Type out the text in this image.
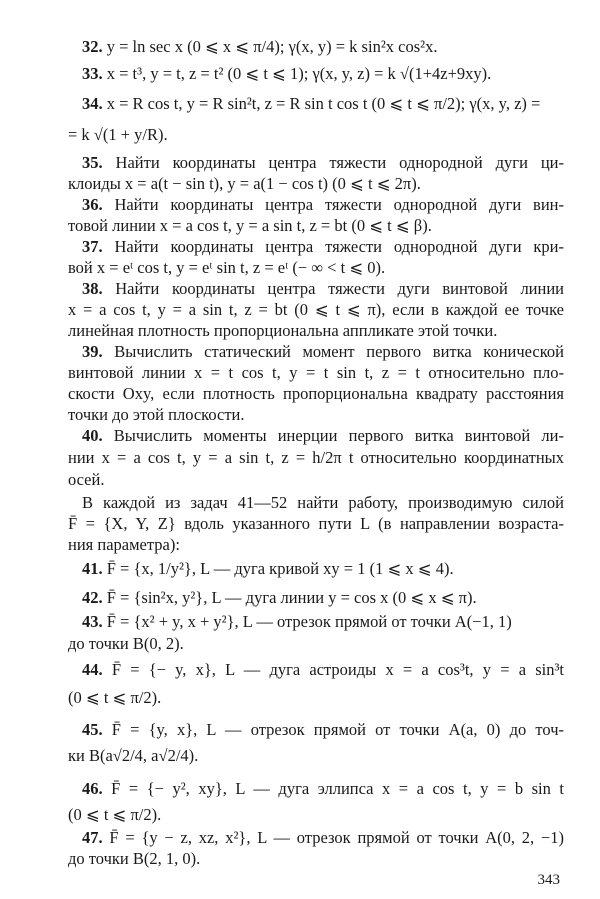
32. y = ln sec x (0 ⩽ x ⩽ π/4); γ(x, y) = k sin²x cos²x.
33. x = t³, y = t, z = t² (0 ⩽ t ⩽ 1); γ(x, y, z) = k √(1+4z+9xy).
34. x = R cos t, y = R sin²t, z = R sin t cos t (0 ⩽ t ⩽ π/2); γ(x, y, z) =
= k √(1 + y/R).
35. Найти координаты центра тяжести однородной дуги ци-
клоиды x = a(t − sin t), y = a(1 − cos t) (0 ⩽ t ⩽ 2π).
36. Найти координаты центра тяжести однородной дуги вин-
товой линии x = a cos t, y = a sin t, z = bt (0 ⩽ t ⩽ β).
37. Найти координаты центра тяжести однородной дуги кри-
вой x = eᵗ cos t, y = eᵗ sin t, z = eᵗ (− ∞ < t ⩽ 0).
38. Найти координаты центра тяжести дуги винтовой линии
x = a cos t, y = a sin t, z = bt (0 ⩽ t ⩽ π), если в каждой ее точке
линейная плотность пропорциональна аппликате этой точки.
39. Вычислить статический момент первого витка конической
винтовой линии x = t cos t, y = t sin t, z = t относительно пло-
скости Oxy, если плотность пропорциональна квадрату расстояния
точки до этой плоскости.
40. Вычислить моменты инерции первого витка винтовой ли-
нии x = a cos t, y = a sin t, z = h/2π t относительно координатных
осей.
В каждой из задач 41—52 найти работу, производимую силой
F̄ = {X, Y, Z} вдоль указанного пути L (в направлении возраста-
ния параметра):
41. F̄ = {x, 1/y²}, L — дуга кривой xy = 1 (1 ⩽ x ⩽ 4).
42. F̄ = {sin²x, y²}, L — дуга линии y = cos x (0 ⩽ x ⩽ π).
43. F̄ = {x² + y, x + y²}, L — отрезок прямой от точки A(−1, 1)
до точки B(0, 2).
44. F̄ = {− y, x}, L — дуга астроиды x = a cos³t, y = a sin³t
(0 ⩽ t ⩽ π/2).
45. F̄ = {y, x}, L — отрезок прямой от точки A(a, 0) до точ-
ки B(a√2/4, a√2/4).
46. F̄ = {− y², xy}, L — дуга эллипса x = a cos t, y = b sin t
(0 ⩽ t ⩽ π/2).
47. F̄ = {y − z, xz, x²}, L — отрезок прямой от точки A(0, 2, −1)
до точки B(2, 1, 0).
343
